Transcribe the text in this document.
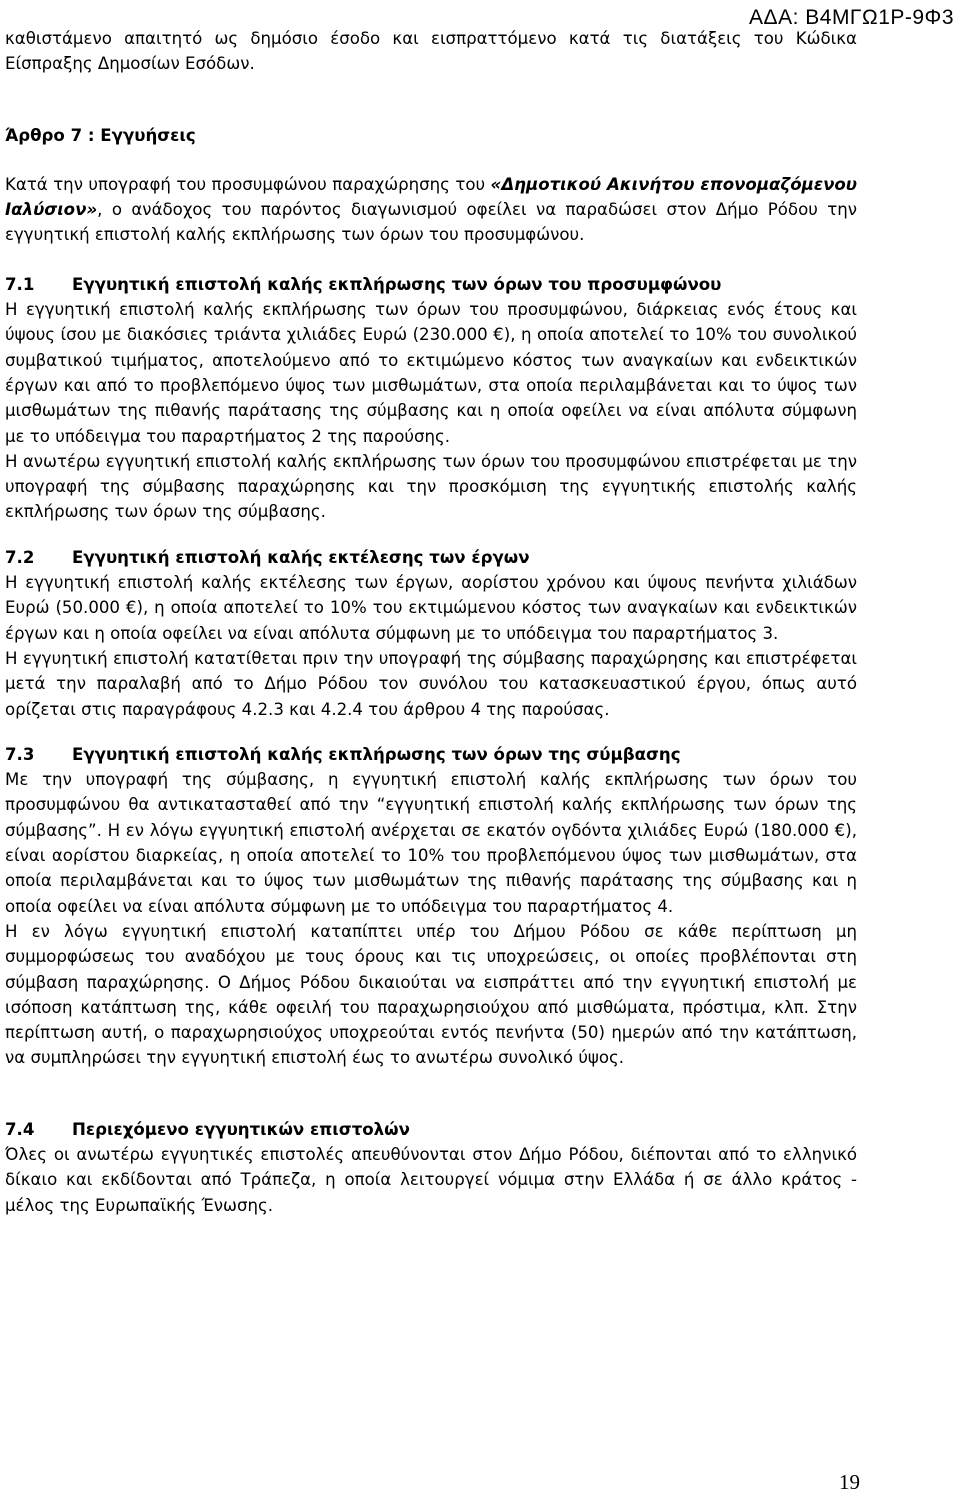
ΑΔΑ: Β4ΜΓΩ1Ρ-9Φ3

καθιστάμενο απαιτητό ως δημόσιο έσοδο και εισπραττόμενο κατά τις διατάξεις του Κώδικα Είσπραξης Δημοσίων Εσόδων.

Άρθρο 7 : Εγγυήσεις

Κατά την υπογραφή του προσυμφώνου παραχώρησης του «Δημοτικού Ακινήτου επονομαζόμενου Ιαλύσιον», ο ανάδοχος του παρόντος διαγωνισμού οφείλει να παραδώσει στον Δήμο Ρόδου την εγγυητική επιστολή καλής εκπλήρωσης των όρων του προσυμφώνου.

7.1	Εγγυητική επιστολή καλής εκπλήρωσης των όρων του προσυμφώνου

Η εγγυητική επιστολή καλής εκπλήρωσης των όρων του προσυμφώνου, διάρκειας ενός έτους και ύψους ίσου με διακόσιες τριάντα χιλιάδες Ευρώ (230.000 €), η οποία αποτελεί το 10% του συνολικού συμβατικού τιμήματος, αποτελούμενο από το εκτιμώμενο κόστος των αναγκαίων και ενδεικτικών έργων και από το προβλεπόμενο ύψος των μισθωμάτων, στα οποία περιλαμβάνεται και το ύψος των μισθωμάτων της πιθανής παράτασης της σύμβασης και η οποία οφείλει να είναι απόλυτα σύμφωνη με το υπόδειγμα του παραρτήματος 2 της παρούσης.

Η ανωτέρω εγγυητική επιστολή καλής εκπλήρωσης των όρων του προσυμφώνου επιστρέφεται με την υπογραφή της σύμβασης παραχώρησης και την προσκόμιση της εγγυητικής επιστολής καλής εκπλήρωσης των όρων της σύμβασης.

7.2	Εγγυητική επιστολή καλής εκτέλεσης των έργων

Η εγγυητική επιστολή καλής εκτέλεσης των έργων, αορίστου χρόνου και ύψους πενήντα χιλιάδων Ευρώ (50.000 €), η οποία αποτελεί το 10% του εκτιμώμενου κόστος των αναγκαίων και ενδεικτικών έργων και η οποία οφείλει να είναι απόλυτα σύμφωνη με το υπόδειγμα του παραρτήματος 3.

Η εγγυητική επιστολή κατατίθεται πριν την υπογραφή της σύμβασης παραχώρησης και επιστρέφεται μετά την παραλαβή από το Δήμο Ρόδου τον συνόλου του κατασκευαστικού έργου, όπως αυτό ορίζεται στις παραγράφους 4.2.3 και 4.2.4 του άρθρου 4 της παρούσας.

7.3	Εγγυητική επιστολή καλής εκπλήρωσης των όρων της σύμβασης

Με την υπογραφή της σύμβασης, η εγγυητική επιστολή καλής εκπλήρωσης των όρων του προσυμφώνου θα αντικατασταθεί από την “εγγυητική επιστολή καλής εκπλήρωσης των όρων της σύμβασης”. Η εν λόγω εγγυητική επιστολή ανέρχεται σε εκατόν ογδόντα χιλιάδες Ευρώ (180.000 €), είναι αορίστου διαρκείας, η οποία αποτελεί το 10% του προβλεπόμενου ύψος των μισθωμάτων, στα οποία περιλαμβάνεται και το ύψος των μισθωμάτων της πιθανής παράτασης της σύμβασης και η οποία οφείλει να είναι απόλυτα σύμφωνη με το υπόδειγμα του παραρτήματος 4.

Η εν λόγω εγγυητική επιστολή καταπίπτει υπέρ του Δήμου Ρόδου σε κάθε περίπτωση μη συμμορφώσεως του αναδόχου με τους όρους και τις υποχρεώσεις, οι οποίες προβλέπονται στη σύμβαση παραχώρησης. Ο Δήμος Ρόδου δικαιούται να εισπράττει από την εγγυητική επιστολή με ισόποση κατάπτωση της, κάθε οφειλή του παραχωρησιούχου από μισθώματα, πρόστιμα, κλπ. Στην περίπτωση αυτή, ο παραχωρησιούχος υποχρεούται εντός πενήντα (50) ημερών από την κατάπτωση, να συμπληρώσει την εγγυητική επιστολή έως το ανωτέρω συνολικό ύψος.

7.4	Περιεχόμενο εγγυητικών επιστολών

Όλες οι ανωτέρω εγγυητικές επιστολές απευθύνονται στον Δήμο Ρόδου, διέπονται από το ελληνικό δίκαιο και εκδίδονται από Τράπεζα, η οποία λειτουργεί νόμιμα στην Ελλάδα ή σε άλλο κράτος - μέλος της Ευρωπαϊκής Ένωσης.

19
